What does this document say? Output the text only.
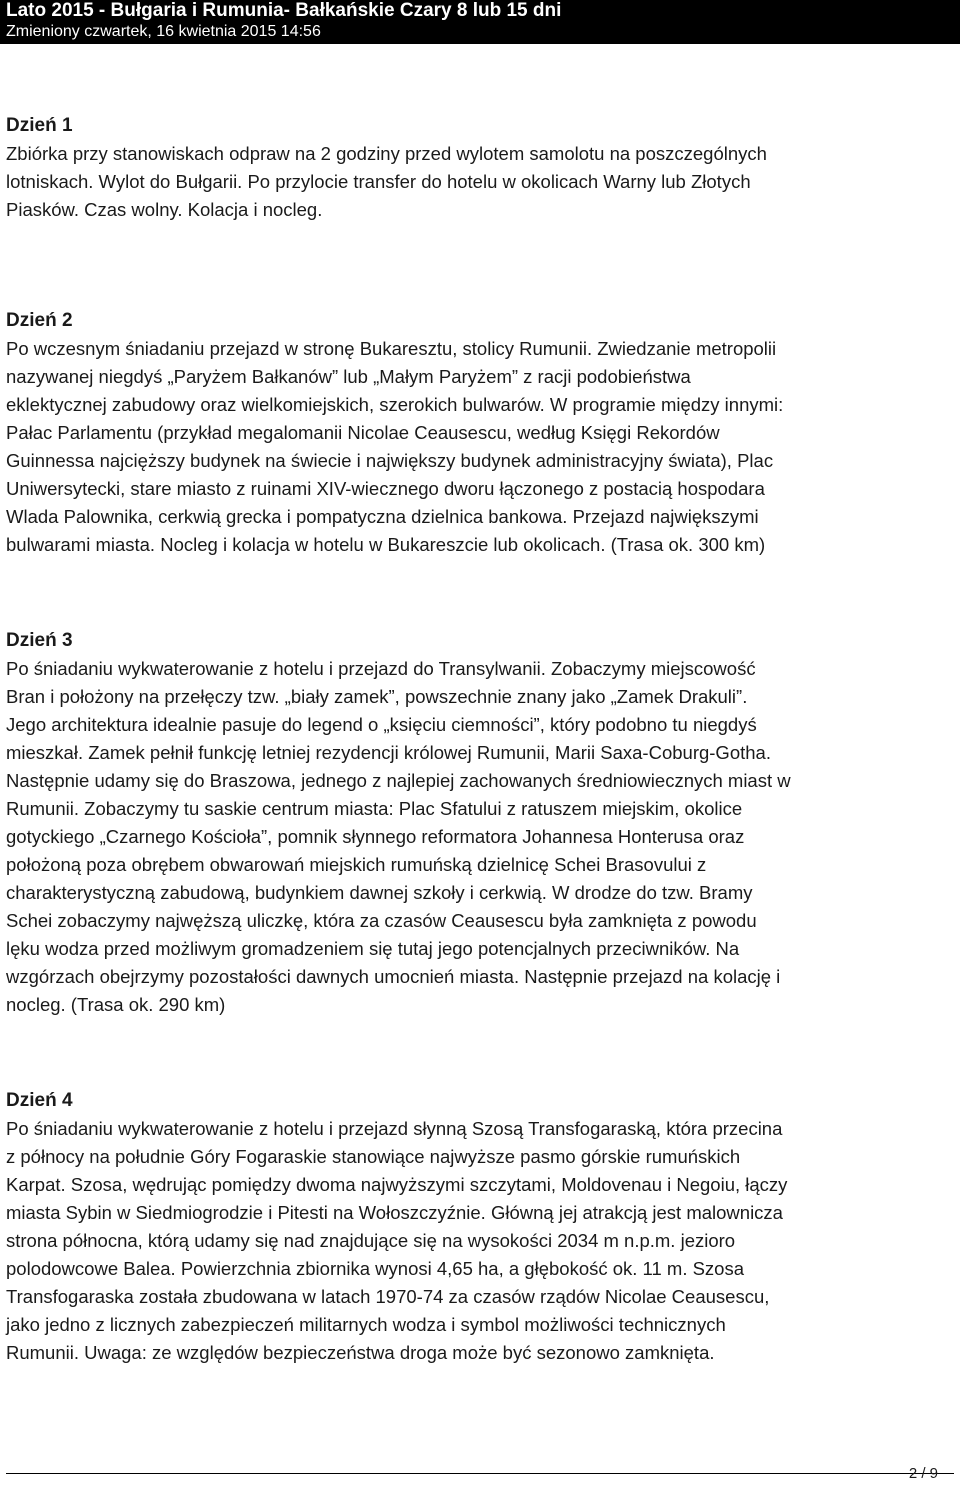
Lato 2015 - Bułgaria i Rumunia- Bałkańskie Czary 8 lub 15 dni
Zmieniony czwartek, 16 kwietnia 2015 14:56

Dzień 1

Zbiórka przy stanowiskach odpraw na 2 godziny przed wylotem samolotu na poszczególnych
lotniskach. Wylot do Bułgarii. Po przylocie transfer do hotelu w okolicach Warny lub Złotych
Piasków. Czas wolny. Kolacja i nocleg.

Dzień 2

Po wczesnym śniadaniu przejazd w stronę Bukaresztu, stolicy Rumunii. Zwiedzanie metropolii
nazywanej niegdyś „Paryżem Bałkanów” lub „Małym Paryżem” z racji podobieństwa
eklektycznej zabudowy oraz wielkomiejskich, szerokich bulwarów. W programie między innymi:
Pałac Parlamentu (przykład megalomanii Nicolae Ceausescu, według Księgi Rekordów
Guinnessa najcięższy budynek na świecie i największy budynek administracyjny świata), Plac
Uniwersytecki, stare miasto z ruinami XIV-wiecznego dworu łączonego z postacią hospodara
Wlada Palownika, cerkwią grecka i pompatyczna dzielnica bankowa. Przejazd największymi
bulwarami miasta. Nocleg i kolacja w hotelu w Bukareszcie lub okolicach. (Trasa ok. 300 km)

Dzień 3

Po śniadaniu wykwaterowanie z hotelu i przejazd do Transylwanii. Zobaczymy miejscowość
Bran i położony na przełęczy tzw. „biały zamek”, powszechnie znany jako „Zamek Drakuli”.
Jego architektura idealnie pasuje do legend o „księciu ciemności”, który podobno tu niegdyś
mieszkał. Zamek pełnił funkcję letniej rezydencji królowej Rumunii, Marii Saxa-Coburg-Gotha.
Następnie udamy się do Braszowa, jednego z najlepiej zachowanych średniowiecznych miast w
Rumunii. Zobaczymy tu saskie centrum miasta: Plac Sfatului z ratuszem miejskim, okolice
gotyckiego „Czarnego Kościoła”, pomnik słynnego reformatora Johannesa Honterusa oraz
położoną poza obrębem obwarowań miejskich rumuńską dzielnicę Schei Brasovului z
charakterystyczną zabudową, budynkiem dawnej szkoły i cerkwią. W drodze do tzw. Bramy
Schei zobaczymy najwęższą uliczkę, która za czasów Ceausescu była zamknięta z powodu
lęku wodza przed możliwym gromadzeniem się tutaj jego potencjalnych przeciwników. Na
wzgórzach obejrzymy pozostałości dawnych umocnień miasta. Następnie przejazd na kolację i
nocleg. (Trasa ok. 290 km)

Dzień 4

Po śniadaniu wykwaterowanie z hotelu i przejazd słynną Szosą Transfogaraską, która przecina
z północy na południe Góry Fogaraskie stanowiące najwyższe pasmo górskie rumuńskich
Karpat. Szosa, wędrując pomiędzy dwoma najwyższymi szczytami, Moldovenau i Negoiu, łączy
miasta Sybin w Siedmiogrodzie i Pitesti na Wołoszczyźnie. Główną jej atrakcją jest malownicza
strona północna, którą udamy się nad znajdujące się na wysokości 2034 m n.p.m. jezioro
polodowcowe Balea. Powierzchnia zbiornika wynosi 4,65 ha, a głębokość ok. 11 m. Szosa
Transfogaraska została zbudowana w latach 1970-74 za czasów rządów Nicolae Ceausescu,
jako jedno z licznych zabezpieczeń militarnych wodza i symbol możliwości technicznych
Rumunii. Uwaga: ze względów bezpieczeństwa droga może być sezonowo zamknięta.

2 / 9
